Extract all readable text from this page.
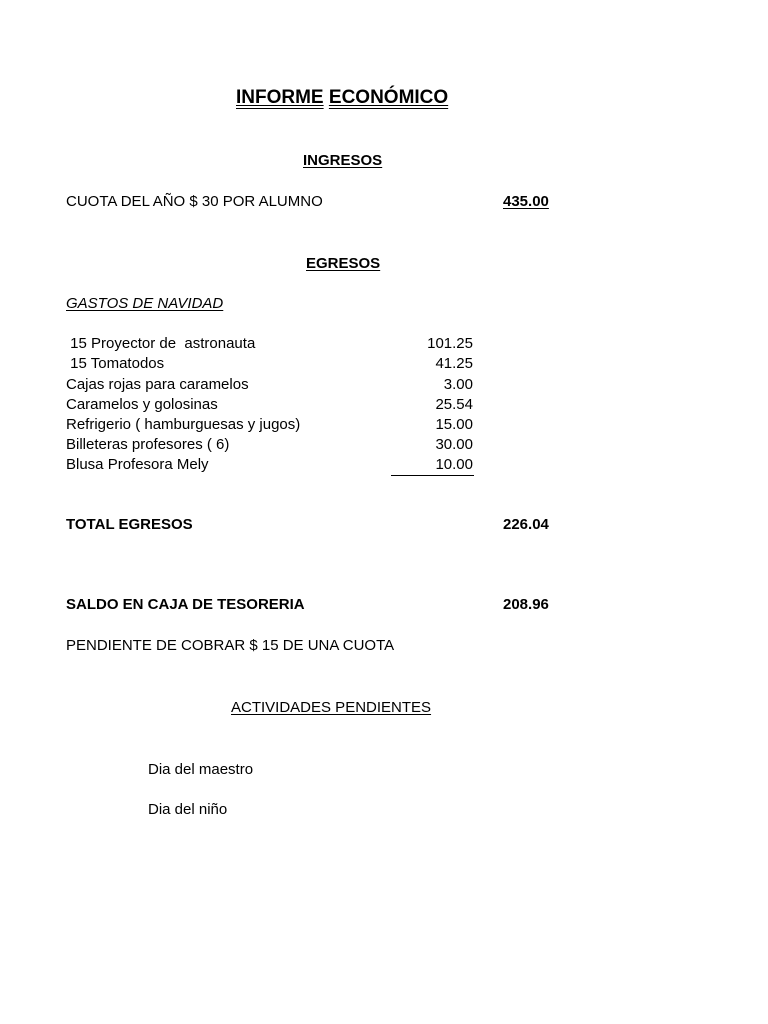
INFORME ECONÓMICO
INGRESOS
CUOTA DEL AÑO $ 30 POR ALUMNO	435.00
EGRESOS
GASTOS DE NAVIDAD
15 Proyector de  astronauta	101.25
15 Tomatodos	41.25
Cajas rojas para caramelos	3.00
Caramelos y golosinas	25.54
Refrigerio ( hamburguesas y jugos)	15.00
Billeteras profesores ( 6)	30.00
Blusa Profesora Mely	10.00
TOTAL EGRESOS	226.04
SALDO EN CAJA DE TESORERIA	208.96
PENDIENTE DE COBRAR $ 15 DE UNA CUOTA
ACTIVIDADES PENDIENTES
Dia del maestro
Dia del niño
